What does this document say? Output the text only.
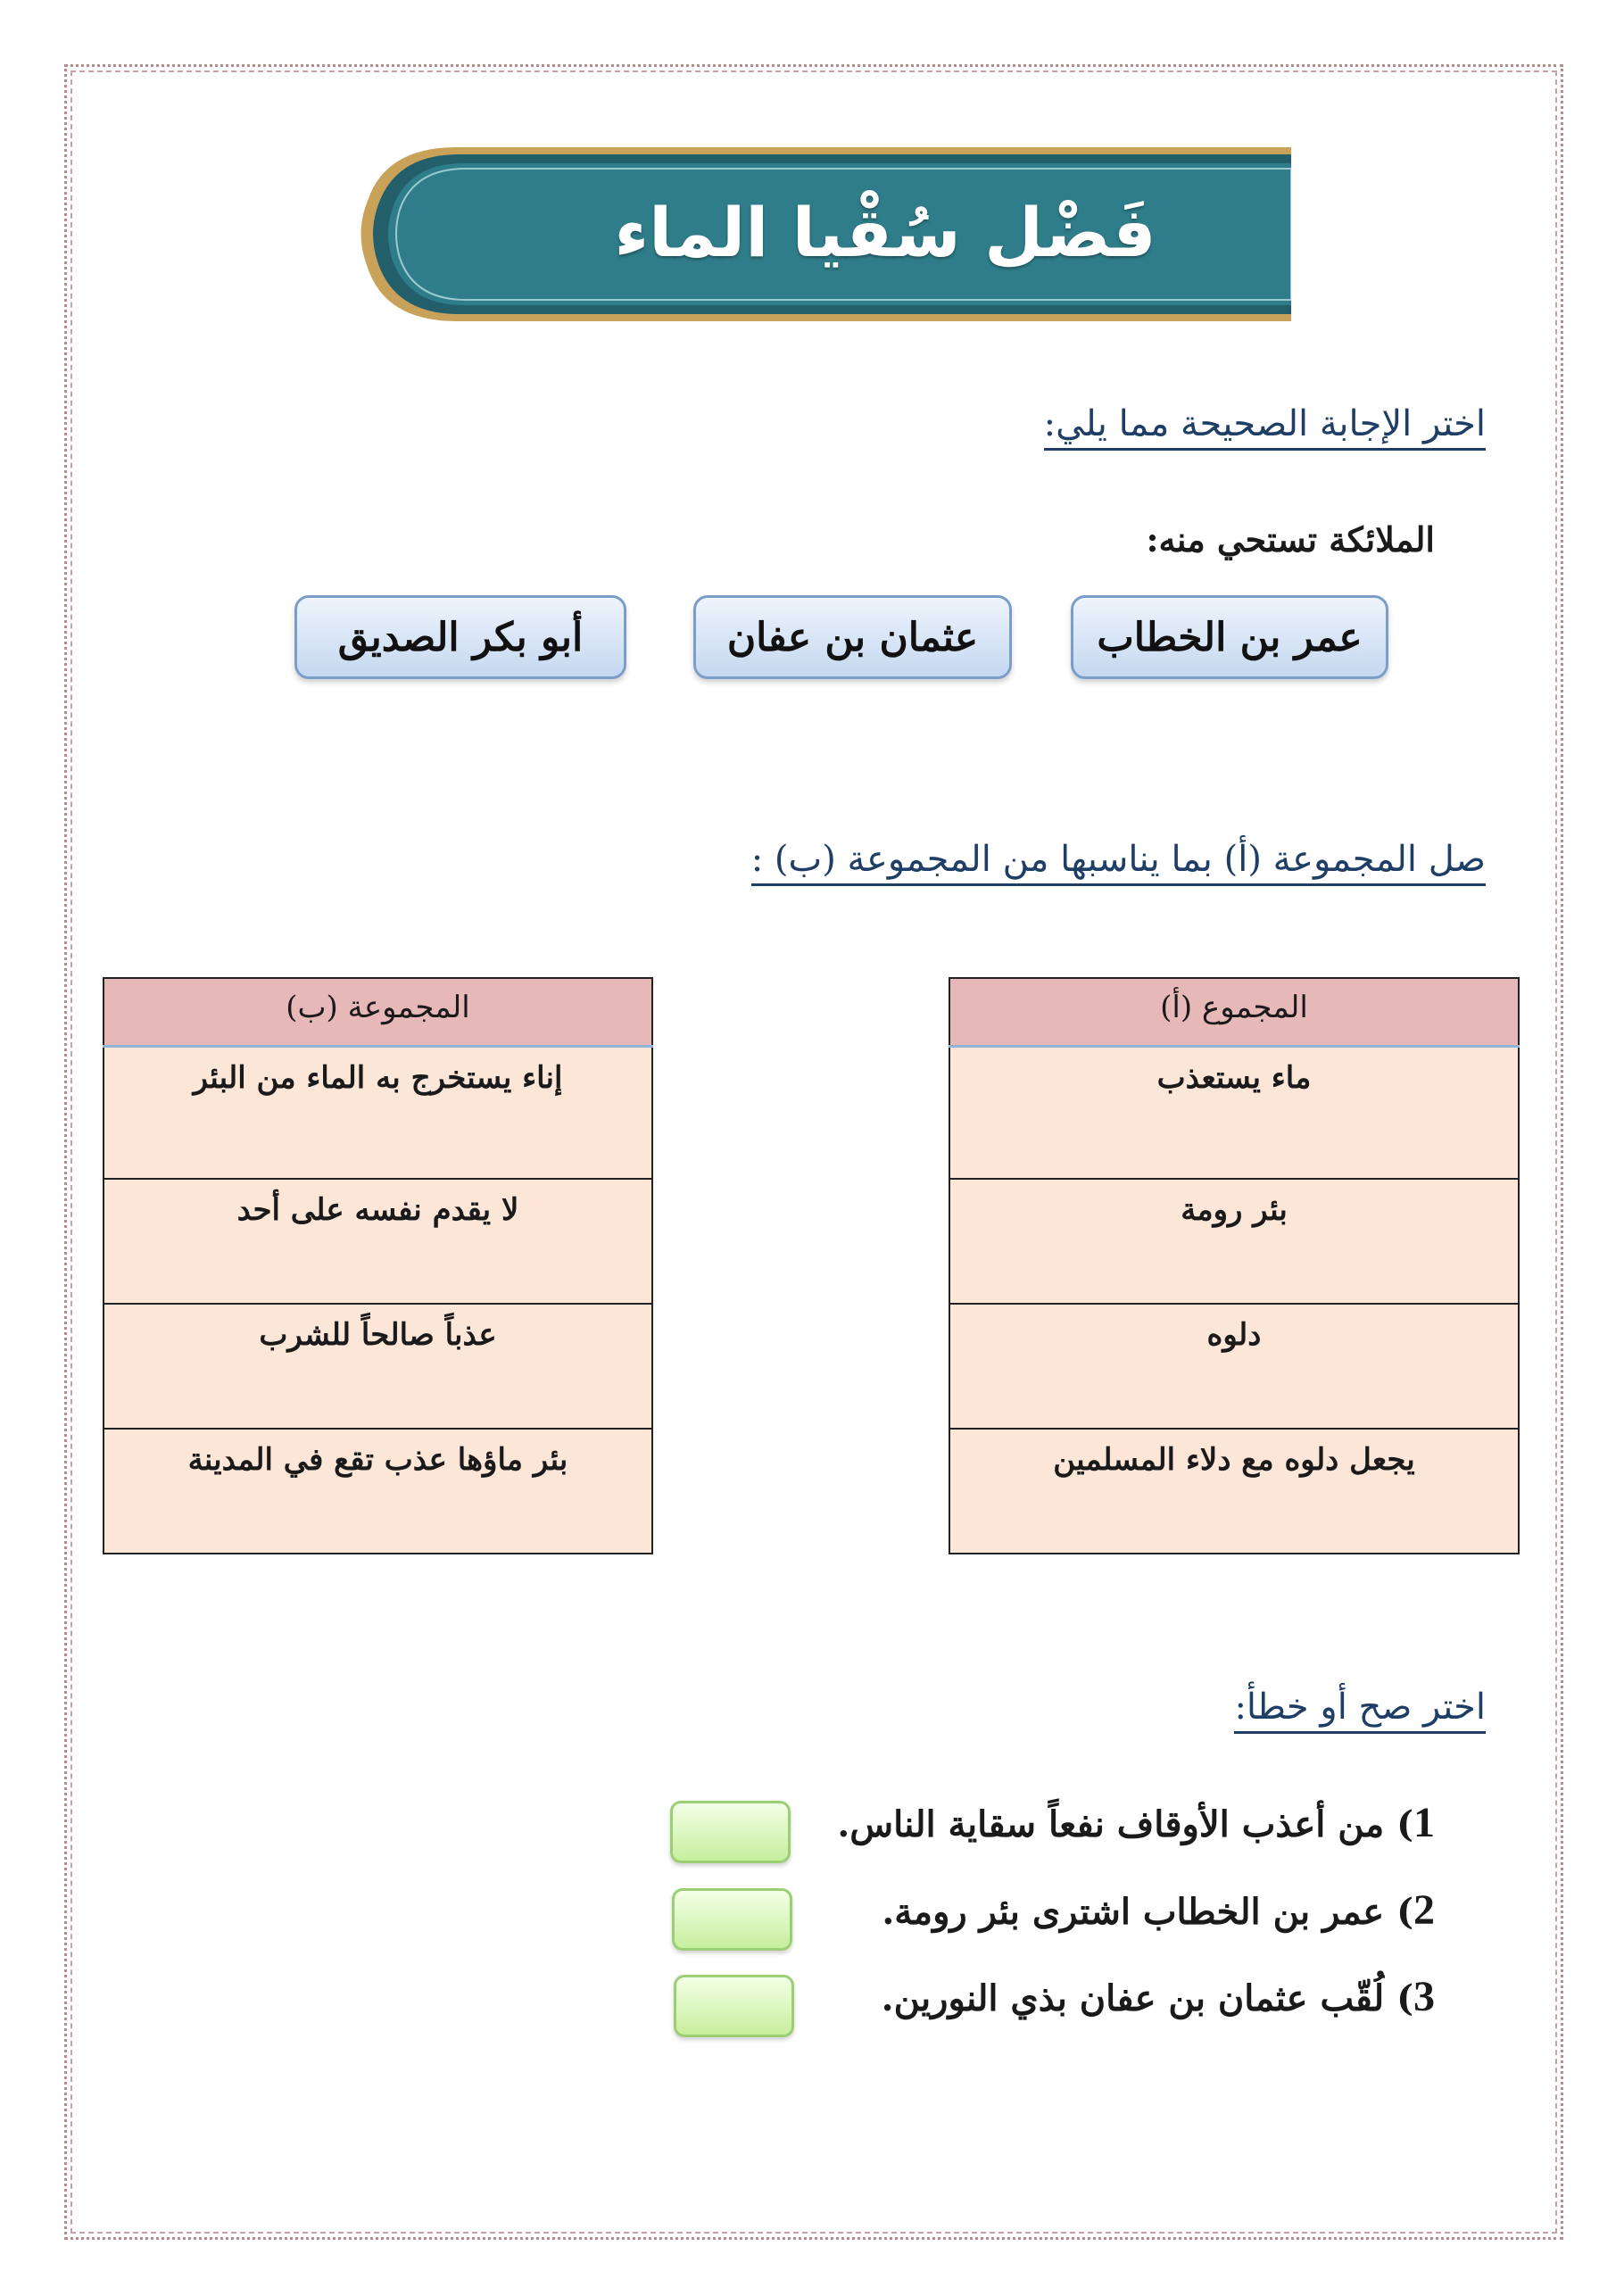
فَضْل سُقْيا الماء
اختر الإجابة الصحيحة مما يلي:
الملائكة تستحي منه:
عمر بن الخطاب
عثمان بن عفان
أبو بكر الصديق
صل المجموعة (أ) بما يناسبها من المجموعة (ب) :
المجموع (أ)
ماء يستعذب
بئر رومة
دلوه
يجعل دلوه مع دلاء المسلمين
المجموعة (ب)
إناء يستخرج به الماء من البئر
لا يقدم نفسه على أحد
عذباً صالحاً للشرب
بئر ماؤها عذب تقع في المدينة
اختر صح أو خطأ:
1) من أعذب الأوقاف نفعاً سقاية الناس.
2) عمر بن الخطاب اشترى بئر رومة.
3) لُقّب عثمان بن عفان بذي النورين.
